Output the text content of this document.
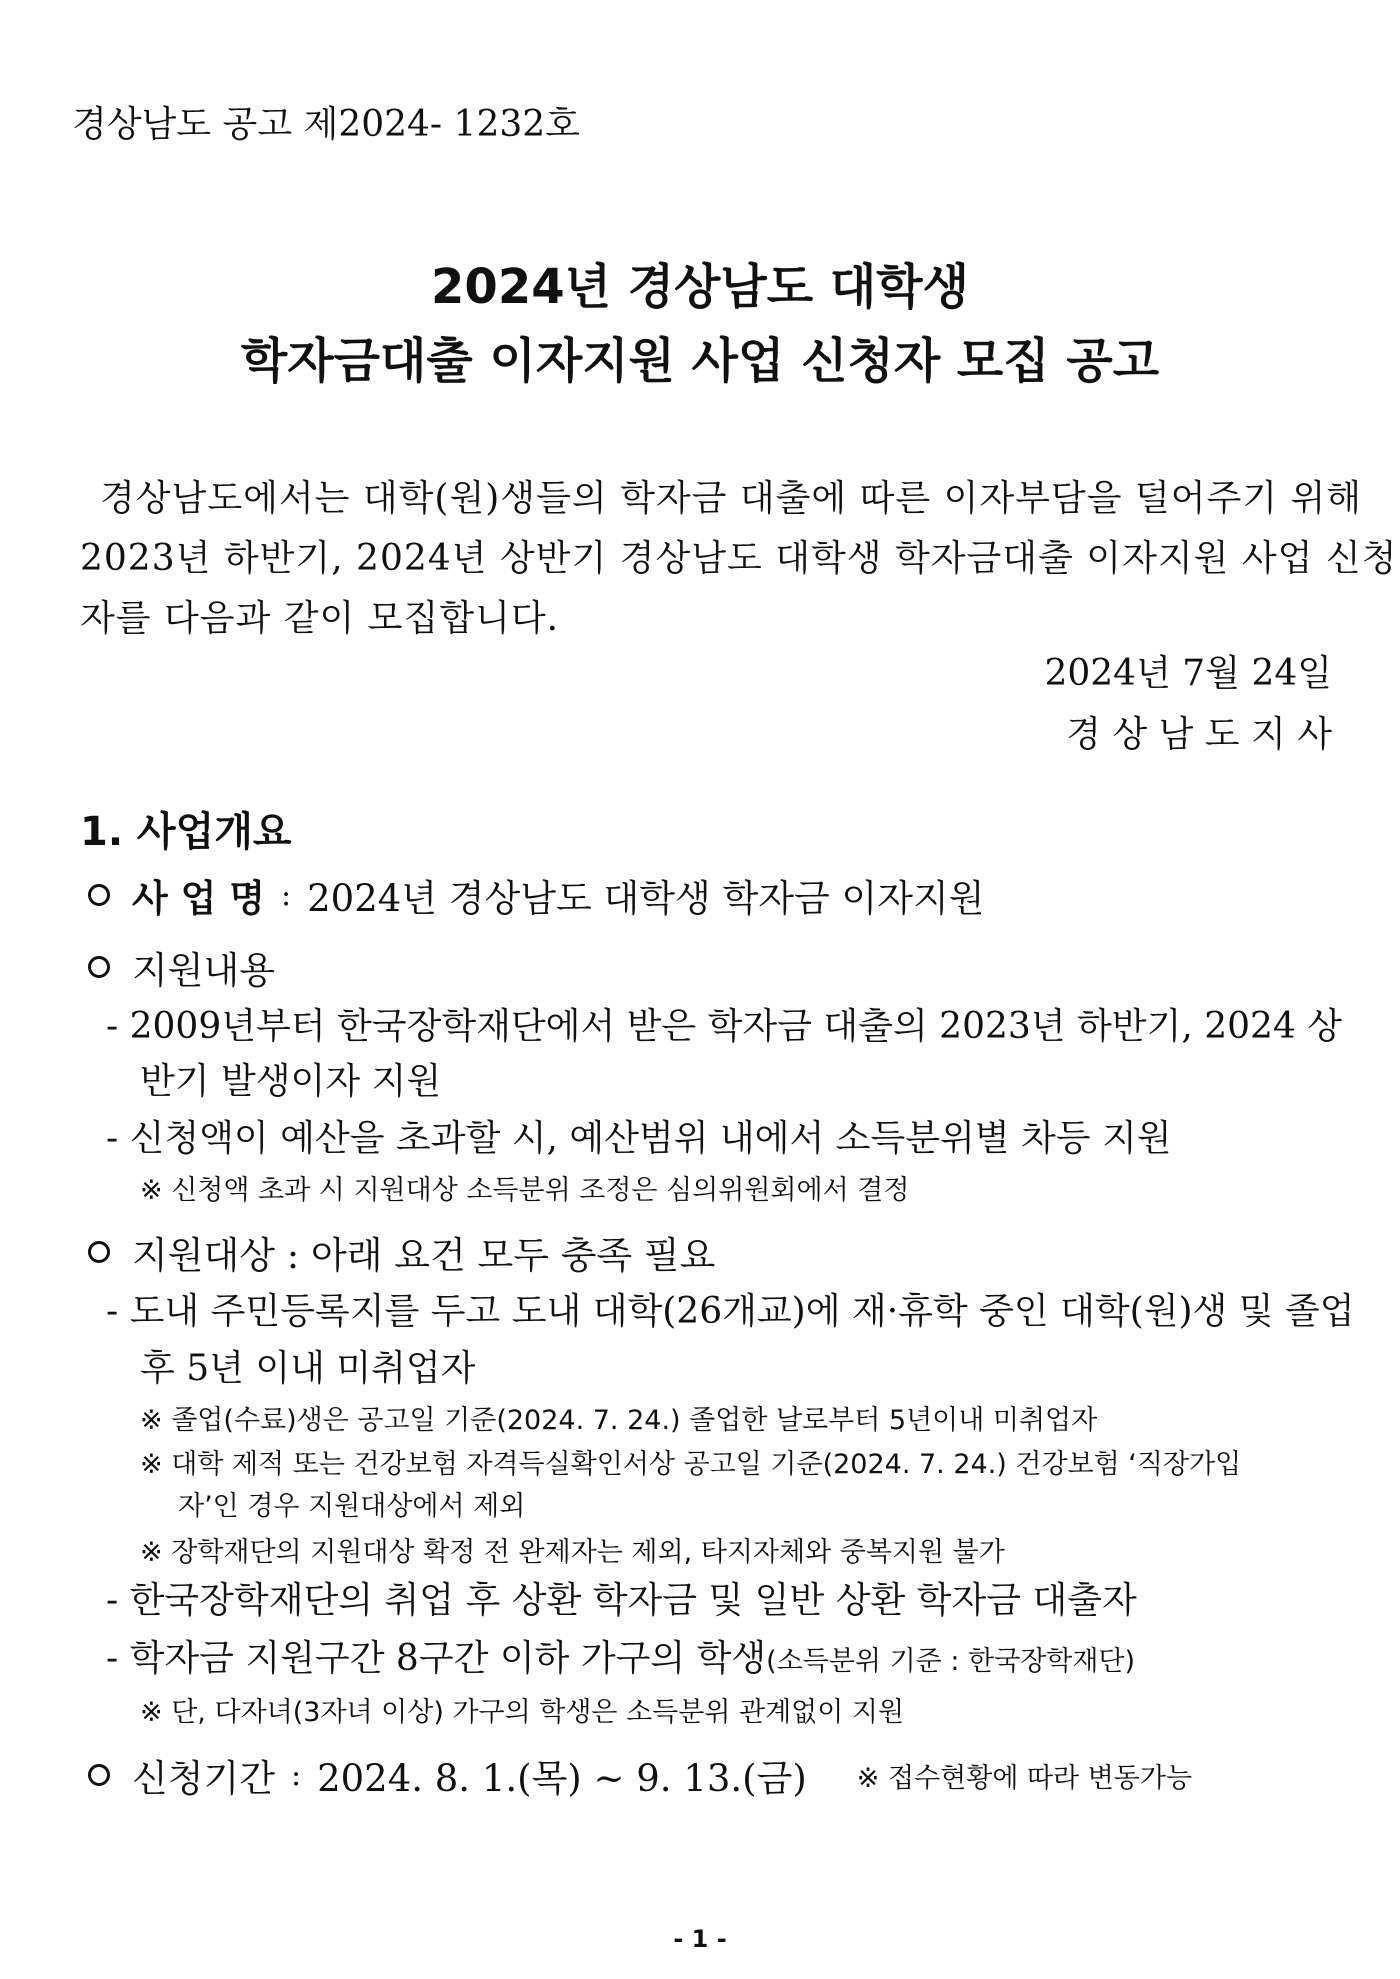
경상남도 공고 제2024- 1232호
2024년 경상남도 대학생
학자금대출 이자지원 사업 신청자 모집 공고
경상남도에서는 대학(원)생들의 학자금 대출에 따른 이자부담을 덜어주기 위해
2023년 하반기, 2024년 상반기 경상남도 대학생 학자금대출 이자지원 사업 신청
자를 다음과 같이 모집합니다.
2024년 7월 24일
경 상 남 도 지 사
1. 사업개요
사 업 명 : 2024년 경상남도 대학생 학자금 이자지원
지원내용
- 2009년부터 한국장학재단에서 받은 학자금 대출의 2023년 하반기, 2024 상
반기 발생이자 지원
- 신청액이 예산을 초과할 시, 예산범위 내에서 소득분위별 차등 지원
※ 신청액 초과 시 지원대상 소득분위 조정은 심의위원회에서 결정
지원대상 : 아래 요건 모두 충족 필요
- 도내 주민등록지를 두고 도내 대학(26개교)에 재·휴학 중인 대학(원)생 및 졸업
후 5년 이내 미취업자
※ 졸업(수료)생은 공고일 기준(2024. 7. 24.) 졸업한 날로부터 5년이내 미취업자
※ 대학 제적 또는 건강보험 자격득실확인서상 공고일 기준(2024. 7. 24.) 건강보험 ‘직장가입
자’인 경우 지원대상에서 제외
※ 장학재단의 지원대상 확정 전 완제자는 제외, 타지자체와 중복지원 불가
- 한국장학재단의 취업 후 상환 학자금 및 일반 상환 학자금 대출자
- 학자금 지원구간 8구간 이하 가구의 학생(소득분위 기준 : 한국장학재단)
※ 단, 다자녀(3자녀 이상) 가구의 학생은 소득분위 관계없이 지원
신청기간 : 2024. 8. 1.(목) ~ 9. 13.(금) ※ 접수현황에 따라 변동가능
- 1 -
